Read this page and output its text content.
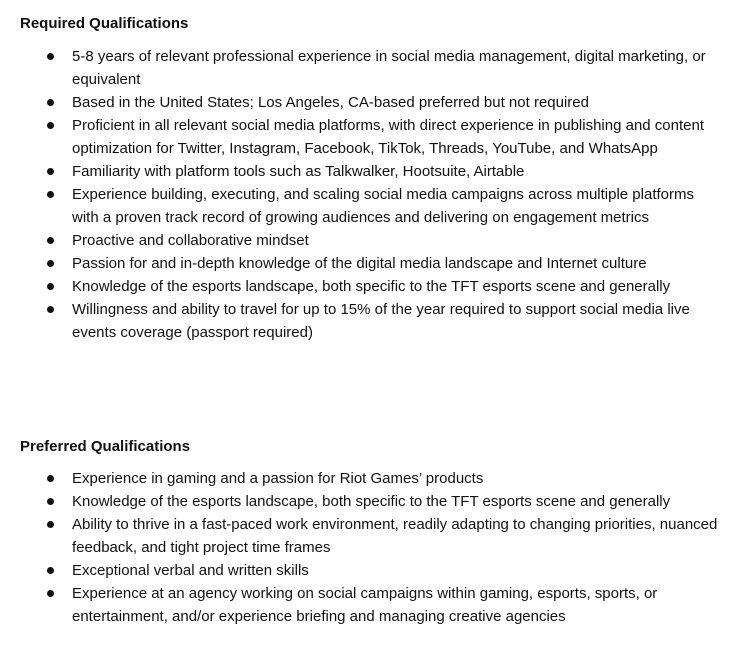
Required Qualifications
5-8 years of relevant professional experience in social media management, digital marketing, or equivalent
Based in the United States; Los Angeles, CA-based preferred but not required
Proficient in all relevant social media platforms, with direct experience in publishing and content optimization for Twitter, Instagram, Facebook, TikTok, Threads, YouTube, and WhatsApp
Familiarity with platform tools such as Talkwalker, Hootsuite, Airtable
Experience building, executing, and scaling social media campaigns across multiple platforms with a proven track record of growing audiences and delivering on engagement metrics
Proactive and collaborative mindset
Passion for and in-depth knowledge of the digital media landscape and Internet culture
Knowledge of the esports landscape, both specific to the TFT esports scene and generally
Willingness and ability to travel for up to 15% of the year required to support social media live events coverage (passport required)
Preferred Qualifications
Experience in gaming and a passion for Riot Games’ products
Knowledge of the esports landscape, both specific to the TFT esports scene and generally
Ability to thrive in a fast-paced work environment, readily adapting to changing priorities, nuanced feedback, and tight project time frames
Exceptional verbal and written skills
Experience at an agency working on social campaigns within gaming, esports, sports, or entertainment, and/or experience briefing and managing creative agencies
